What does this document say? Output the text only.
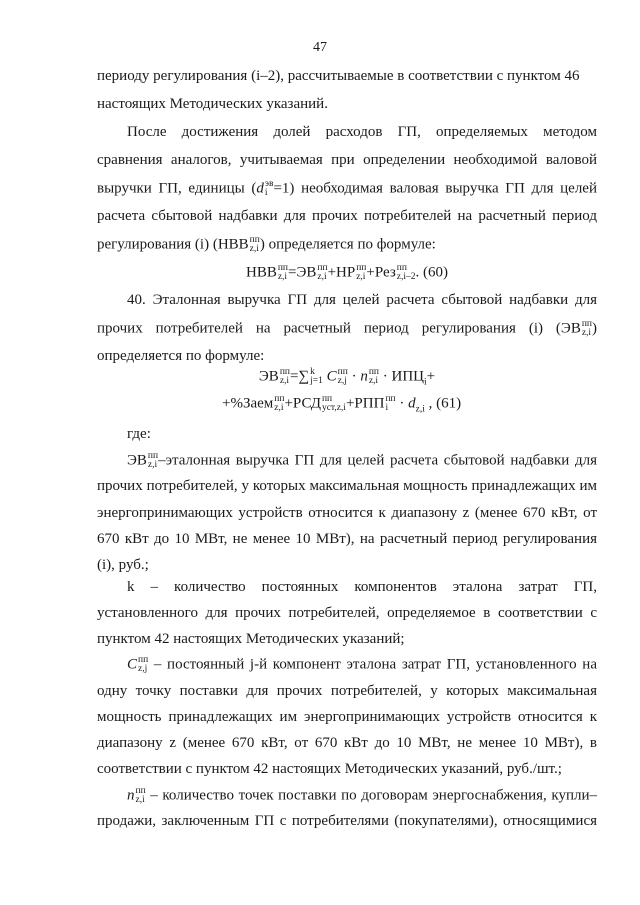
47
периоду регулирования (i–2), рассчитываемые в соответствии с пунктом 46
настоящих Методических указаний.
После достижения долей расходов ГП, определяемых методом
сравнения аналогов, учитываемая при определении необходимой валовой
выручки ГП, единицы (d эв
i =1) необходимая валовая выручка ГП для целей
расчета сбытовой надбавки для прочих потребителей на расчетный период
регулирования (i) (НВВ пп
z,i ) определяется по формуле:
НВВ пп
z,i =ЭВ пп
z,i +НР пп
z,i +Рез пп
z,i–2 . (60)
40. Эталонная выручка ГП для целей расчета сбытовой надбавки для
прочих потребителей на расчетный период регулирования (i) (ЭВ пп
z,i )
определяется по формуле:
ЭВ пп
z,i =∑ k
j=1 C пп
z,j · n пп
$z,i \cdot ИПЦ_i+$
+%Заем пп
z,i +РСД пп
уст,z,i +РПП пп
$i \cdot d_{z,i}$ , (61)
где:
ЭВ пп
z,i –эталонная выручка ГП для целей расчета сбытовой надбавки для
прочих потребителей, у которых максимальная мощность принадлежащих им
энергопринимающих устройств относится к диапазону z (менее 670 кВт, от
670 кВт до 10 МВт, не менее 10 МВт), на расчетный период регулирования
(i), руб.;
k – количество постоянных компонентов эталона затрат ГП,
установленного для прочих потребителей, определяемое в соответствии с
пунктом 42 настоящих Методических указаний;
C пп
z,j – постоянный j-й компонент эталона затрат ГП, установленного на
одну точку поставки для прочих потребителей, у которых максимальная
мощность принадлежащих им энергопринимающих устройств относится к
диапазону z (менее 670 кВт, от 670 кВт до 10 МВт, не менее 10 МВт), в
соответствии с пунктом 42 настоящих Методических указаний, руб./шт.;
n пп
z,i – количество точек поставки по договорам энергоснабжения, купли–
продажи, заключенным ГП с потребителями (покупателями), относящимися
